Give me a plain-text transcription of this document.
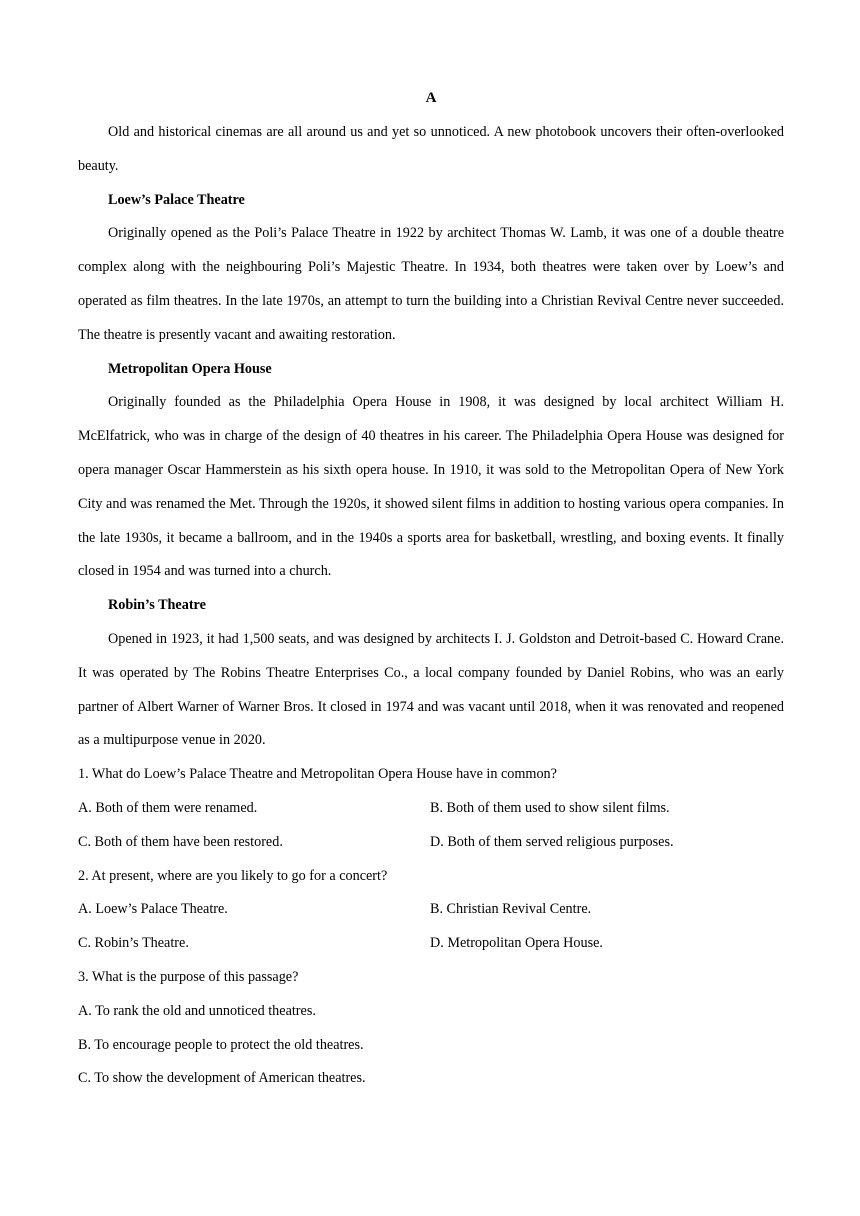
A

Old and historical cinemas are all around us and yet so unnoticed. A new photobook uncovers their often-overlooked beauty.

Loew’s Palace Theatre

Originally opened as the Poli’s Palace Theatre in 1922 by architect Thomas W. Lamb, it was one of a double theatre complex along with the neighbouring Poli’s Majestic Theatre. In 1934, both theatres were taken over by Loew’s and operated as film theatres. In the late 1970s, an attempt to turn the building into a Christian Revival Centre never succeeded. The theatre is presently vacant and awaiting restoration.

Metropolitan Opera House

Originally founded as the Philadelphia Opera House in 1908, it was designed by local architect William H. McElfatrick, who was in charge of the design of 40 theatres in his career. The Philadelphia Opera House was designed for opera manager Oscar Hammerstein as his sixth opera house. In 1910, it was sold to the Metropolitan Opera of New York City and was renamed the Met. Through the 1920s, it showed silent films in addition to hosting various opera companies. In the late 1930s, it became a ballroom, and in the 1940s a sports area for basketball, wrestling, and boxing events. It finally closed in 1954 and was turned into a church.

Robin’s Theatre

Opened in 1923, it had 1,500 seats, and was designed by architects I. J. Goldston and Detroit-based C. Howard Crane. It was operated by The Robins Theatre Enterprises Co., a local company founded by Daniel Robins, who was an early partner of Albert Warner of Warner Bros. It closed in 1974 and was vacant until 2018, when it was renovated and reopened as a multipurpose venue in 2020.

1. What do Loew’s Palace Theatre and Metropolitan Opera House have in common?

A. Both of them were renamed.	B. Both of them used to show silent films.
C. Both of them have been restored.	D. Both of them served religious purposes.

2. At present, where are you likely to go for a concert?

A. Loew’s Palace Theatre.	B. Christian Revival Centre.
C. Robin’s Theatre.	D. Metropolitan Opera House.

3. What is the purpose of this passage?

A. To rank the old and unnoticed theatres.

B. To encourage people to protect the old theatres.

C. To show the development of American theatres.
